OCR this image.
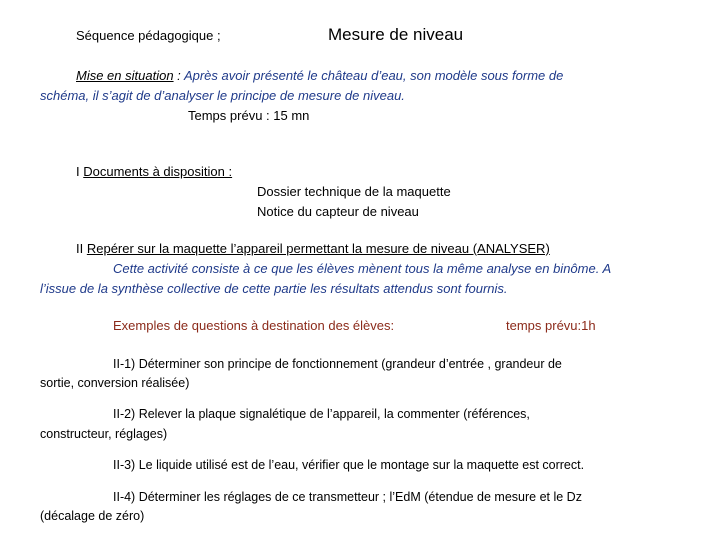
Séquence pédagogique ;	Mesure de niveau
Mise en situation : Après avoir présenté le château d’eau, son modèle sous forme de
schéma, il s’agit de d’analyser le principe de mesure de niveau.
Temps prévu : 15 mn
I Documents à disposition :
Dossier technique de la maquette
Notice du capteur de niveau
II Repérer sur la maquette l’appareil permettant la mesure de niveau (ANALYSER)
Cette activité consiste à ce que les élèves mènent tous la même analyse en binôme. A
l’issue de la synthèse collective de cette partie les résultats attendus sont fournis.
Exemples de questions à destination des élèves:	temps prévu:1h
II-1) Déterminer son principe de fonctionnement (grandeur d’entrée , grandeur de
sortie, conversion réalisée)
II-2) Relever la plaque signalétique de l’appareil, la commenter (références,
constructeur, réglages)
II-3) Le liquide utilisé est de l’eau, vérifier que le montage sur la maquette est correct.
II-4) Déterminer les réglages de ce transmetteur ; l’EdM (étendue de mesure et le Dz
(décalage de zéro)
